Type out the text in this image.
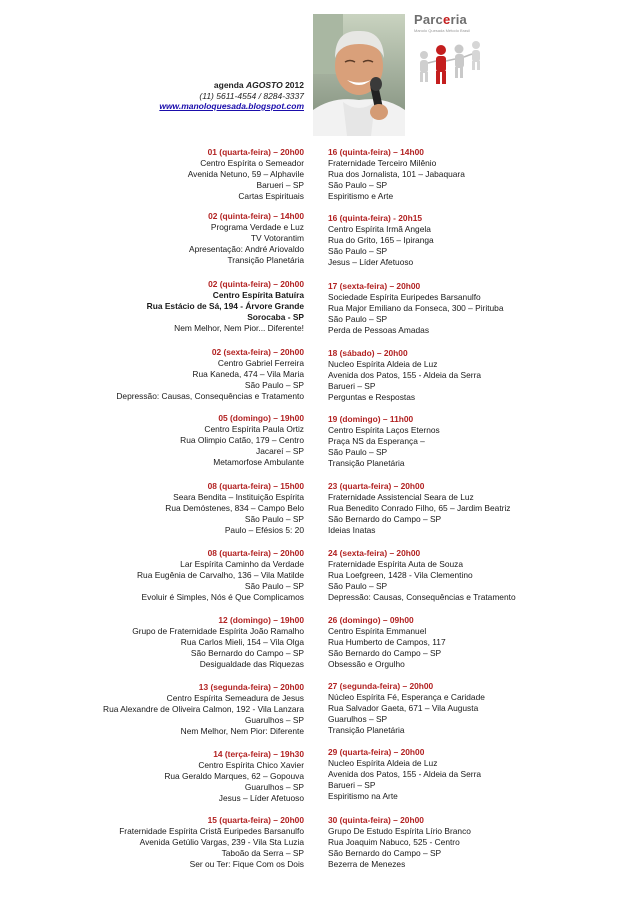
agenda AGOSTO 2012
(11) 5611-4554 / 8284-3337
www.manoloquesada.blogspot.com
Parceria
Manolo Quesada Método Brasil
01 (quarta-feira) – 20h00
Centro Espírita o Semeador
Avenida Netuno, 59 – Alphavile
Barueri – SP
Cartas Espirituais
02 (quinta-feira) – 14h00
Programa Verdade e Luz
TV Votorantim
Apresentação: André Ariovaldo
Transição Planetária
02 (quinta-feira) – 20h00
Centro Espírita Batuíra
Rua Estácio de Sá, 194 - Árvore Grande
Sorocaba - SP
Nem Melhor, Nem Pior... Diferente!
02 (sexta-feira) – 20h00
Centro Gabriel Ferreira
Rua Kaneda, 474 – Vila Maria
São Paulo – SP
Depressão: Causas, Consequências e Tratamento
05 (domingo) – 19h00
Centro Espírita Paula Ortiz
Rua Olimpio Catão, 179 – Centro
Jacareí – SP
Metamorfose Ambulante
08 (quarta-feira) – 15h00
Seara Bendita – Instituição Espírita
Rua Demóstenes, 834 – Campo Belo
São Paulo – SP
Paulo – Efésios 5: 20
08 (quarta-feira) – 20h00
Lar Espírita Caminho da Verdade
Rua Eugênia de Carvalho, 136 – Vila Matilde
São Paulo – SP
Evoluir é Simples, Nós é Que Complicamos
12 (domingo) – 19h00
Grupo de Fraternidade Espírita João Ramalho
Rua Carlos Mieli, 154 – Vila Olga
São Bernardo do Campo – SP
Desigualdade das Riquezas
13 (segunda-feira) – 20h00
Centro Espírita Semeadura de Jesus
Rua Alexandre de Oliveira Calmon, 192 - Vila Lanzara
Guarulhos – SP
Nem Melhor, Nem Pior: Diferente
14 (terça-feira) – 19h30
Centro Espírita Chico Xavier
Rua Geraldo Marques, 62 – Gopouva
Guarulhos – SP
Jesus – Líder Afetuoso
15 (quarta-feira) – 20h00
Fraternidade Espírita Cristã Euripedes Barsanulfo
Avenida Getúlio Vargas, 239 - Vila Sta Luzia
Taboão da Serra – SP
Ser ou Ter: Fique Com os Dois
16 (quinta-feira) – 14h00
Fraternidade Terceiro Milênio
Rua dos Jornalista, 101 – Jabaquara
São Paulo – SP
Espiritismo e Arte
16 (quinta-feira) - 20h15
Centro Espírita Irmã Angela
Rua do Grito, 165 – Ipiranga
São Paulo – SP
Jesus – Líder Afetuoso
17 (sexta-feira) – 20h00
Sociedade Espírita Euripedes Barsanulfo
Rua Major Emiliano da Fonseca, 300 – Pirituba
São Paulo – SP
Perda de Pessoas Amadas
18 (sábado) – 20h00
Nucleo Espírita Aldeia de Luz
Avenida dos Patos, 155 - Aldeia da Serra
Barueri – SP
Perguntas e Respostas
19 (domingo) – 11h00
Centro Espírita Laços Eternos
Praça NS da Esperança –
São Paulo – SP
Transição Planetária
23 (quarta-feira) – 20h00
Fraternidade Assistencial Seara de Luz
Rua Benedito Conrado Filho, 65 – Jardim Beatriz
São Bernardo do Campo – SP
Ideias Inatas
24 (sexta-feira) – 20h00
Fraternidade Espírita Auta de Souza
Rua Loefgreen, 1428 - Vila Clementino
São Paulo – SP
Depressão: Causas, Consequências e Tratamento
26 (domingo) – 09h00
Centro Espírita Emmanuel
Rua Humberto de Campos, 117
São Bernardo do Campo – SP
Obsessão e Orgulho
27 (segunda-feira) – 20h00
Núcleo Espírita Fé, Esperança e Caridade
Rua Salvador Gaeta, 671 – Vila Augusta
Guarulhos – SP
Transição Planetária
29 (quarta-feira) – 20h00
Nucleo Espírita Aldeia de Luz
Avenida dos Patos, 155 - Aldeia da Serra
Barueri – SP
Espiritismo na Arte
30 (quinta-feira) – 20h00
Grupo De Estudo Espírita Lírio Branco
Rua Joaquim Nabuco, 525 - Centro
São Bernardo do Campo – SP
Bezerra de Menezes
